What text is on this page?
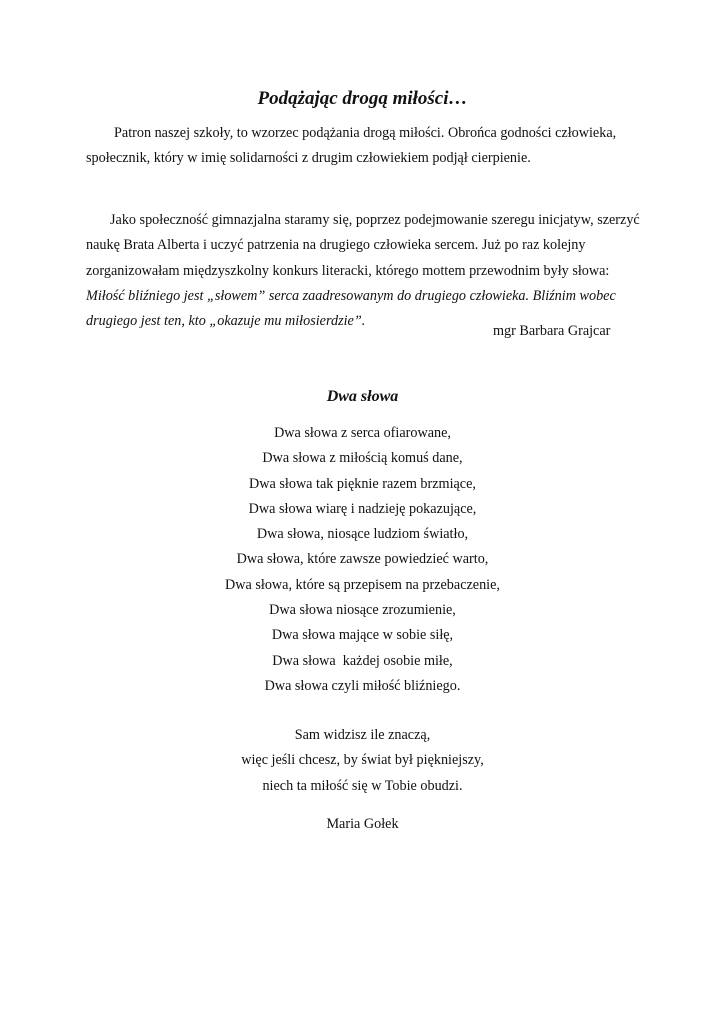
Podążając drogą miłości…

Patron naszej szkoły, to wzorzec podążania drogą miłości. Obrońca godności człowieka, społecznik, który w imię solidarności z drugim człowiekiem podjął cierpienie.

Jako społeczność gimnazjalna staramy się, poprzez podejmowanie szeregu inicjatyw, szerzyć naukę Brata Alberta i uczyć patrzenia na drugiego człowieka sercem. Już po raz kolejny zorganizowałam międzyszkolny konkurs literacki, którego mottem przewodnim były słowa: Miłość bliźniego jest „słowem” serca zaadresowanym do drugiego człowieka. Bliźnim wobec drugiego jest ten, kto „okazuje mu miłosierdzie”.

mgr Barbara Grajcar
Dwa słowa
Dwa słowa z serca ofiarowane,
Dwa słowa z miłością komuś dane,
Dwa słowa tak pięknie razem brzmiące,
Dwa słowa wiarę i nadzieję pokazujące,
Dwa słowa, niosące ludziom światło,
Dwa słowa, które zawsze powiedzieć warto,
Dwa słowa, które są przepisem na przebaczenie,
Dwa słowa niosące zrozumienie,
Dwa słowa mające w sobie siłę,
Dwa słowa  każdej osobie miłe,
Dwa słowa czyli miłość bliźniego.
Sam widzisz ile znaczą,
więc jeśli chcesz, by świat był piękniejszy,
niech ta miłość się w Tobie obudzi.
Maria Gołek
